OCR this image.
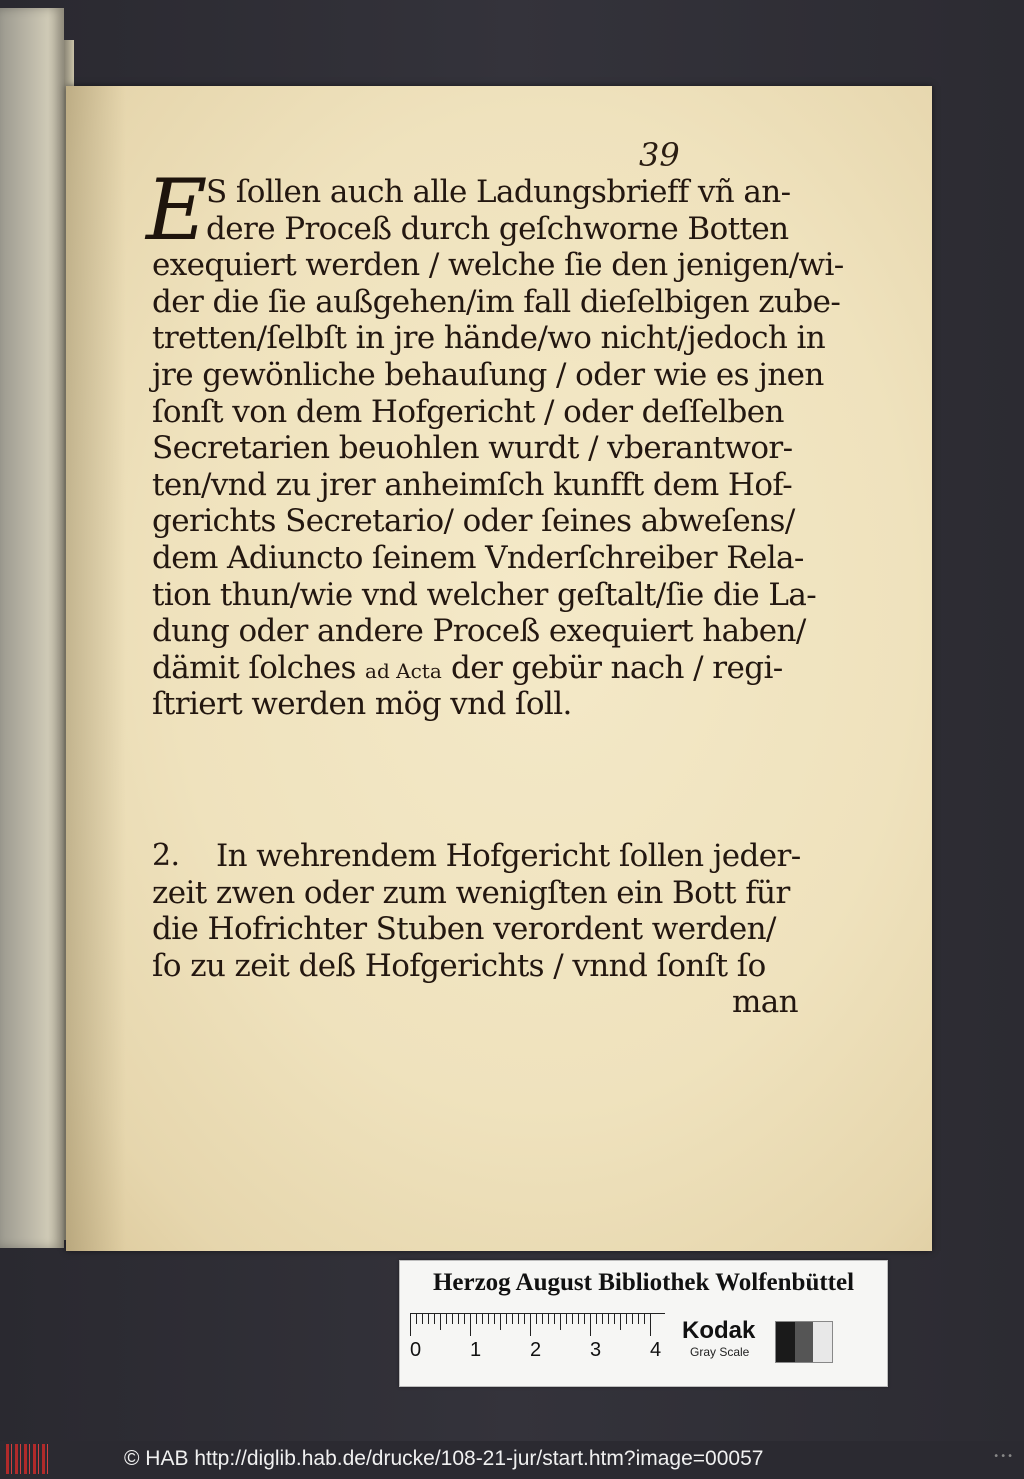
39
E S ſollen auch alle Ladungsbrieff vñ an-
dere Proceß durch geſchworne Botten
exequiert werden / welche ſie den jenigen/wi-
der die ſie außgehen/im fall dieſelbigen zube-
tretten/ſelbſt in jre hände/wo nicht/jedoch in
jre gewönliche behauſung / oder wie es jnen
ſonſt von dem Hofgericht / oder deſſelben
Secretarien beuohlen wurdt / vberantwor-
ten/vnd zu jrer anheimſch kunfft dem Hof-
gerichts Secretario/ oder ſeines abweſens/
dem Adiuncto ſeinem Vnderſchreiber Rela-
tion thun/wie vnd welcher geſtalt/ſie die La-
dung oder andere Proceß exequiert haben/
dämit ſolches ad Acta der gebür nach / regi-
ſtriert werden mög vnd ſoll.
2.	In wehrendem Hofgericht ſollen jeder-
zeit zwen oder zum wenigſten ein Bott für
die Hofrichter Stuben verordent werden/
ſo zu zeit deß Hofgerichts / vnnd ſonſt ſo
man
Herzog August Bibliothek Wolfenbüttel
0 1 2 3 4
Kodak
Gray Scale
© HAB http://diglib.hab.de/drucke/108-21-jur/start.htm?image=00057	•••
